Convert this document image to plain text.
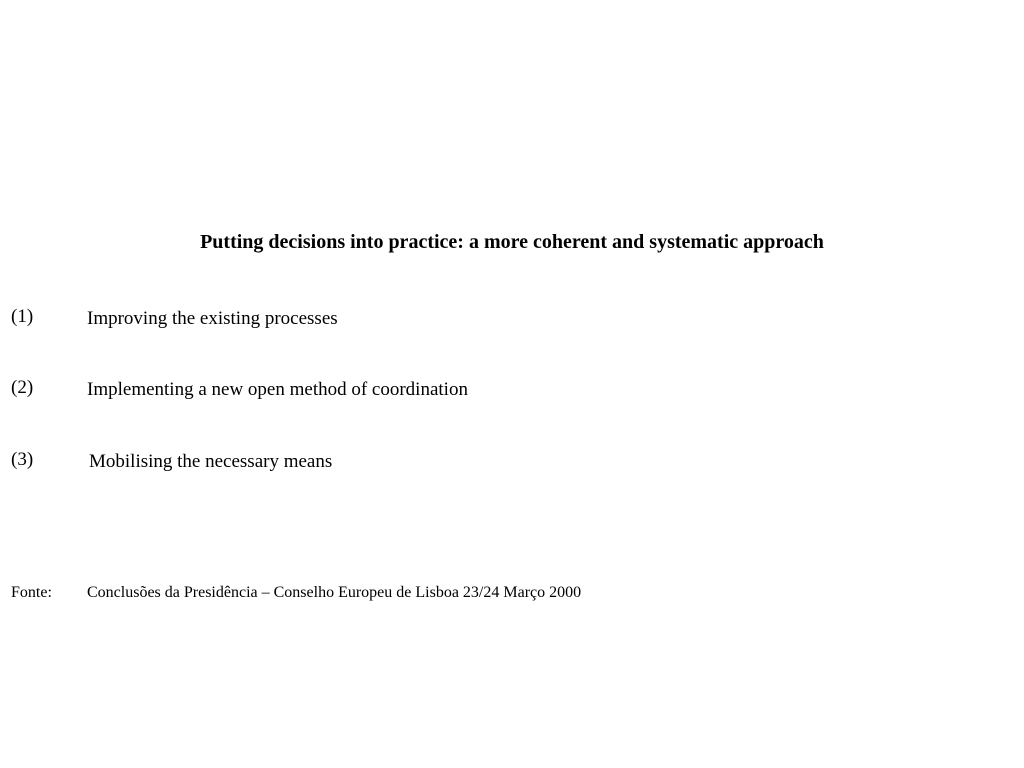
Putting decisions into practice: a more coherent and systematic approach
(1)	Improving the existing processes
(2)	Implementing a new open method of coordination
(3)	Mobilising the necessary means
Fonte: Conclusões da Presidência – Conselho Europeu de Lisboa 23/24 Março 2000
